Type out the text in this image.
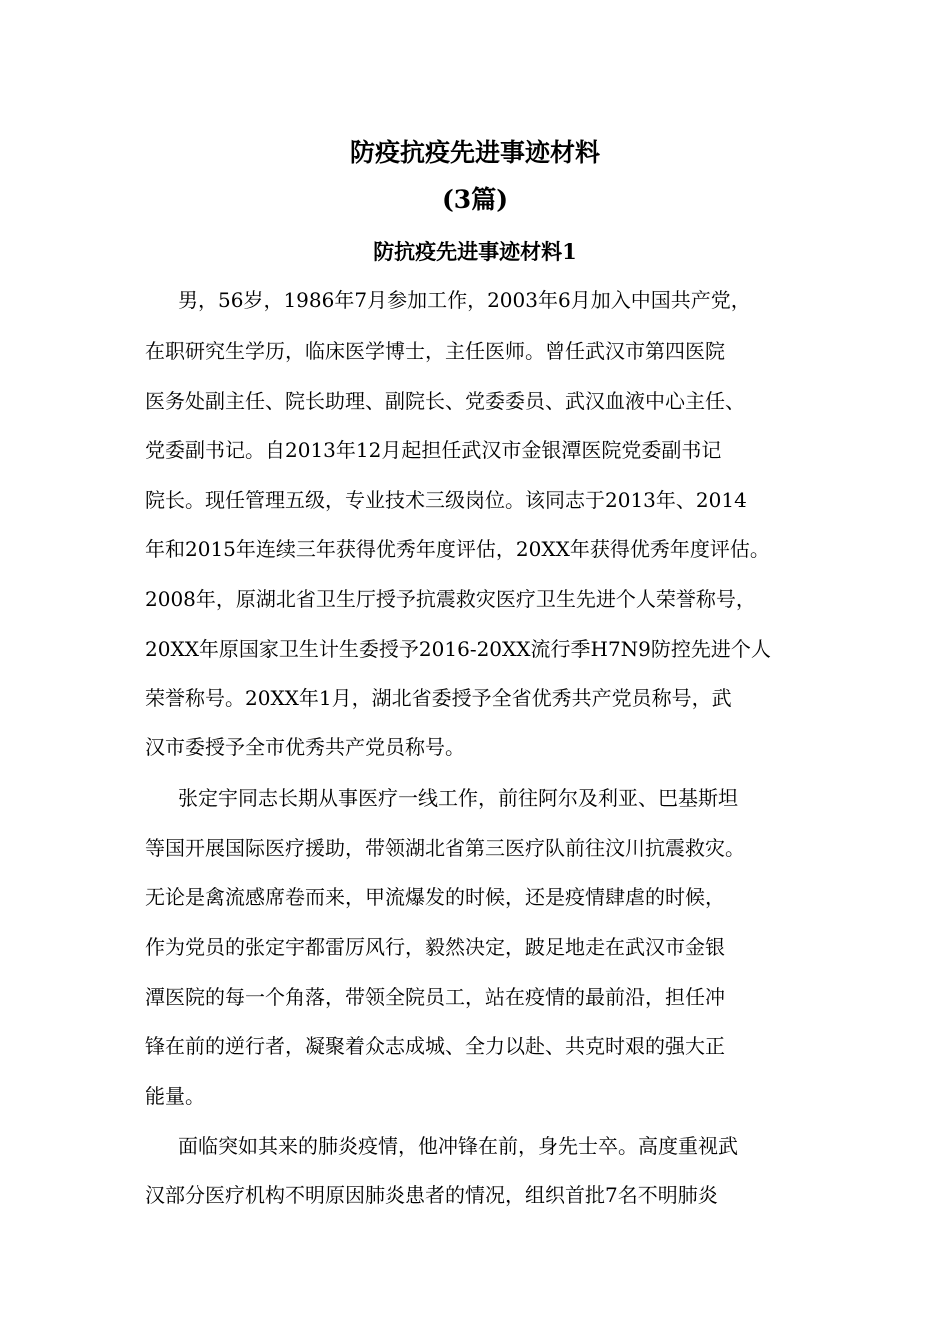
防疫抗疫先进事迹材料
(3篇)
防抗疫先进事迹材料1

男，56岁，1986年7月参加工作，2003年6月加入中国共产党，

在职研究生学历，临床医学博士，主任医师。曾任武汉市第四医院

医务处副主任、院长助理、副院长、党委委员、武汉血液中心主任、

党委副书记。自2013年12月起担任武汉市金银潭医院党委副书记

院长。现任管理五级，专业技术三级岗位。该同志于2013年、2014

年和2015年连续三年获得优秀年度评估，20XX年获得优秀年度评估。

2008年，原湖北省卫生厅授予抗震救灾医疗卫生先进个人荣誉称号，

20XX年原国家卫生计生委授予2016-20XX流行季H7N9防控先进个人

荣誉称号。20XX年1月，湖北省委授予全省优秀共产党员称号，武

汉市委授予全市优秀共产党员称号。

张定宇同志长期从事医疗一线工作，前往阿尔及利亚、巴基斯坦

等国开展国际医疗援助，带领湖北省第三医疗队前往汶川抗震救灾。

无论是禽流感席卷而来，甲流爆发的时候，还是疫情肆虐的时候，

作为党员的张定宇都雷厉风行，毅然决定，跛足地走在武汉市金银

潭医院的每一个角落，带领全院员工，站在疫情的最前沿，担任冲

锋在前的逆行者，凝聚着众志成城、全力以赴、共克时艰的强大正

能量。

面临突如其来的肺炎疫情，他冲锋在前，身先士卒。高度重视武

汉部分医疗机构不明原因肺炎患者的情况，组织首批7名不明肺炎
